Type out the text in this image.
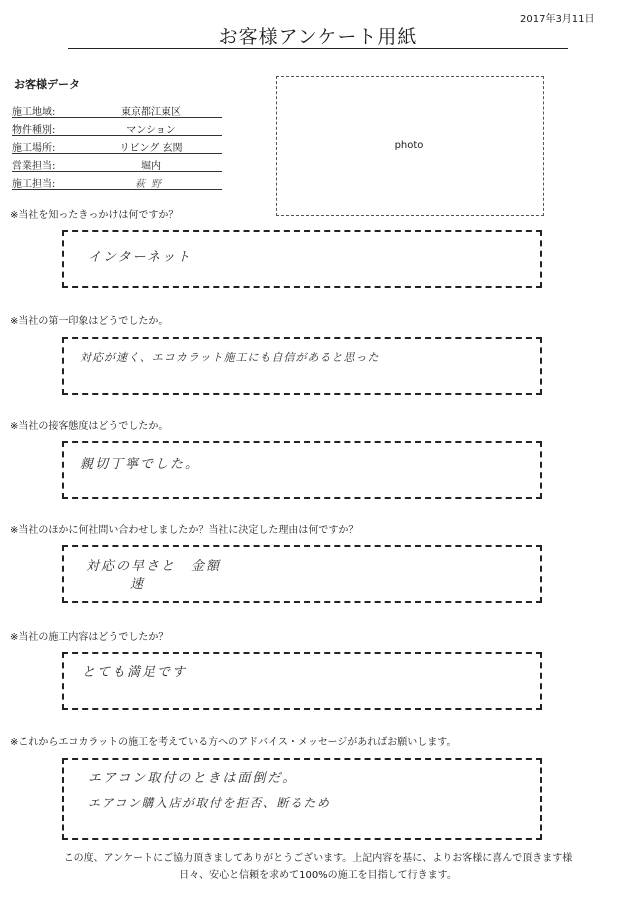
2017年3月11日
お客様アンケート用紙
お客様データ
施工地域:	東京都江東区
物件種別:	マンション
施工場所:	リビング 玄関
営業担当:	堀内
施工担当:	萩野
photo
※当社を知ったきっかけは何ですか？
インターネット
※当社の第一印象はどうでしたか。
対応が速く、エコカラット施工にも自信があると思った
※当社の接客態度はどうでしたか。
親切丁寧でした。
※当社のほかに何社問い合わせしましたか？当社に決定した理由は何ですか？
対応の早さと　金額
速
※当社の施工内容はどうでしたか？
とても満足です
※これからエコカラットの施工を考えている方へのアドバイス・メッセージがあればお願いします。
エアコン取付のときは面倒だ。
エアコン購入店が取付を拒否、断るため
この度、アンケートにご協力頂きましてありがとうございます。上記内容を基に、よりお客様に喜んで頂きます様
日々、安心と信頼を求めて100%の施工を目指して行きます。
